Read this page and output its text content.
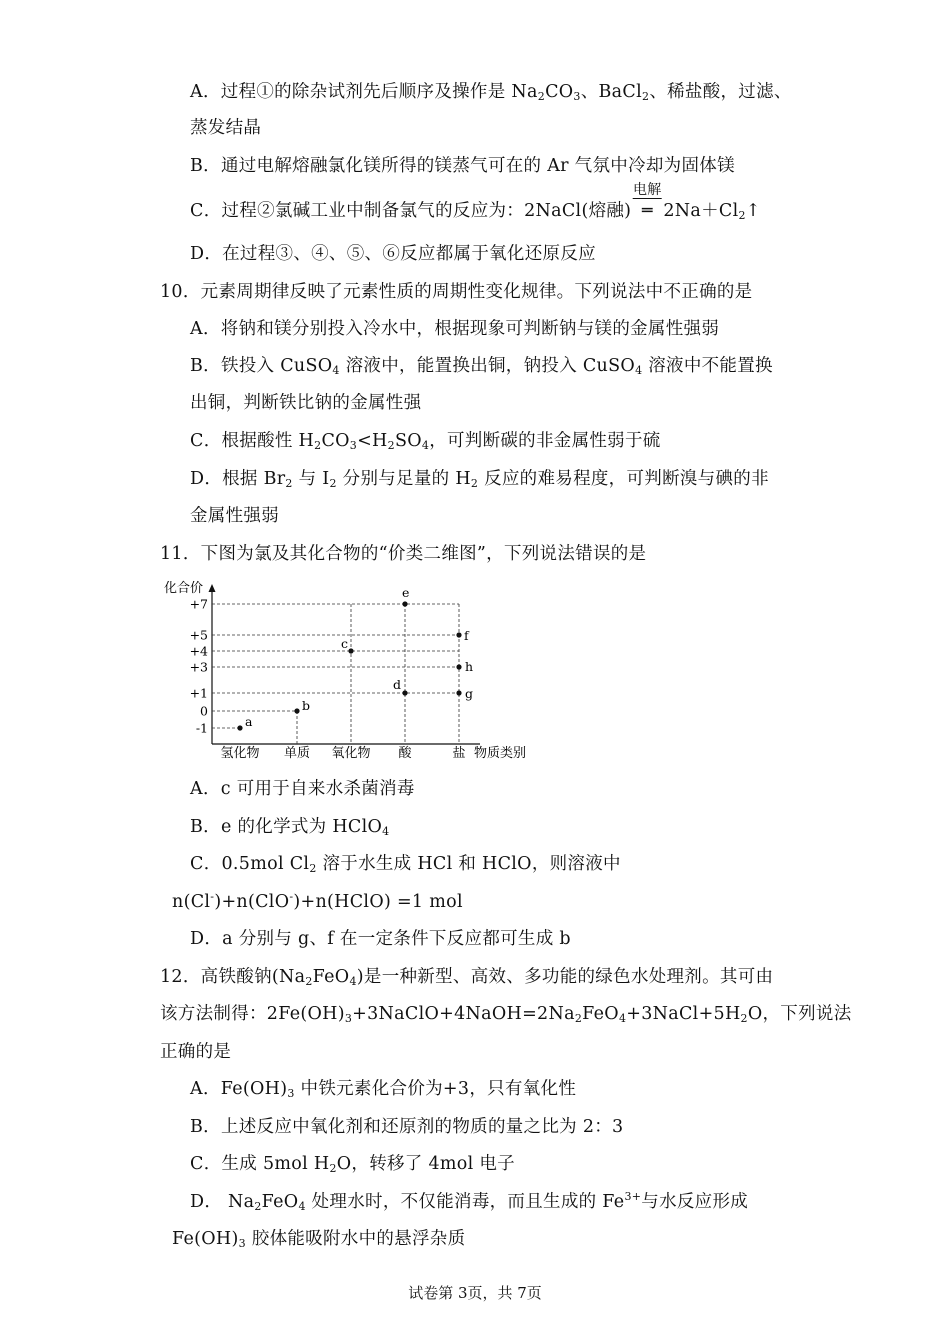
A．过程①的除杂试剂先后顺序及操作是 $Na_2CO_3$、BaCl$_2$、稀盐酸，过滤、
蒸发结晶
B．通过电解熔融氯化镁所得的镁蒸气可在的 Ar 气氛中冷却为固体镁
C．过程②氯碱工业中制备氯气的反应为：2NaCl(熔融)
电解
═ $2Na+Cl_2↑$
D．在过程③、④、⑤、⑥反应都属于氧化还原反应
10．元素周期律反映了元素性质的周期性变化规律。下列说法中不正确的是
A．将钠和镁分别投入冷水中，根据现象可判断钠与镁的金属性强弱
B．铁投入 CuSO$_4$ 溶液中，能置换出铜，钠投入 CuSO$_4$ 溶液中不能置换
出铜，判断铁比钠的金属性强
C．根据酸性 $H_2CO_3<H_2SO_4$，可判断碳的非金属性弱于硫
D．根据 $Br_2$ 与 $I_2$ 分别与足量的 $H_2$ 反应的难易程度，可判断溴与碘的非
金属性强弱
11．下图为氯及其化合物的“价类二维图”，下列说法错误的是
化合价
物质类别
+7
+5
+4
+3
+1
0
-1
氢化物 单质 氧化物 酸	盐
a
b
c
d
e
f
h
g
A．c 可用于自来水杀菌消毒
B．e 的化学式为 HClO$_4$
C．0.5mol $Cl_2$ 溶于水生成 HCl 和 HClO，则溶液中
n(Cl-)+n(ClO-)+n(HClO) =1 mol
D．a 分别与 g、f 在一定条件下反应都可生成 b
12．高铁酸钠$(Na_2FeO_4)$是一种新型、高效、多功能的绿色水处理剂。其可由
该方法制得：$2Fe(OH)_3+3NaClO+4NaOH=2Na_2FeO_4+3NaCl+5H_2O$，下列说法
正确的是
A．$Fe(OH)_3$ 中铁元素化合价为+3，只有氧化性
B．上述反应中氧化剂和还原剂的物质的量之比为 2：3
C．生成 5mol $H_2O$，转移了 4mol 电子
D． $Na_2FeO_4$ 处理水时，不仅能消毒，而且生成的 $Fe^{3+}$与水反应形成
$Fe(OH)_3$ 胶体能吸附水中的悬浮杂质
试卷第 3页，共 7页
